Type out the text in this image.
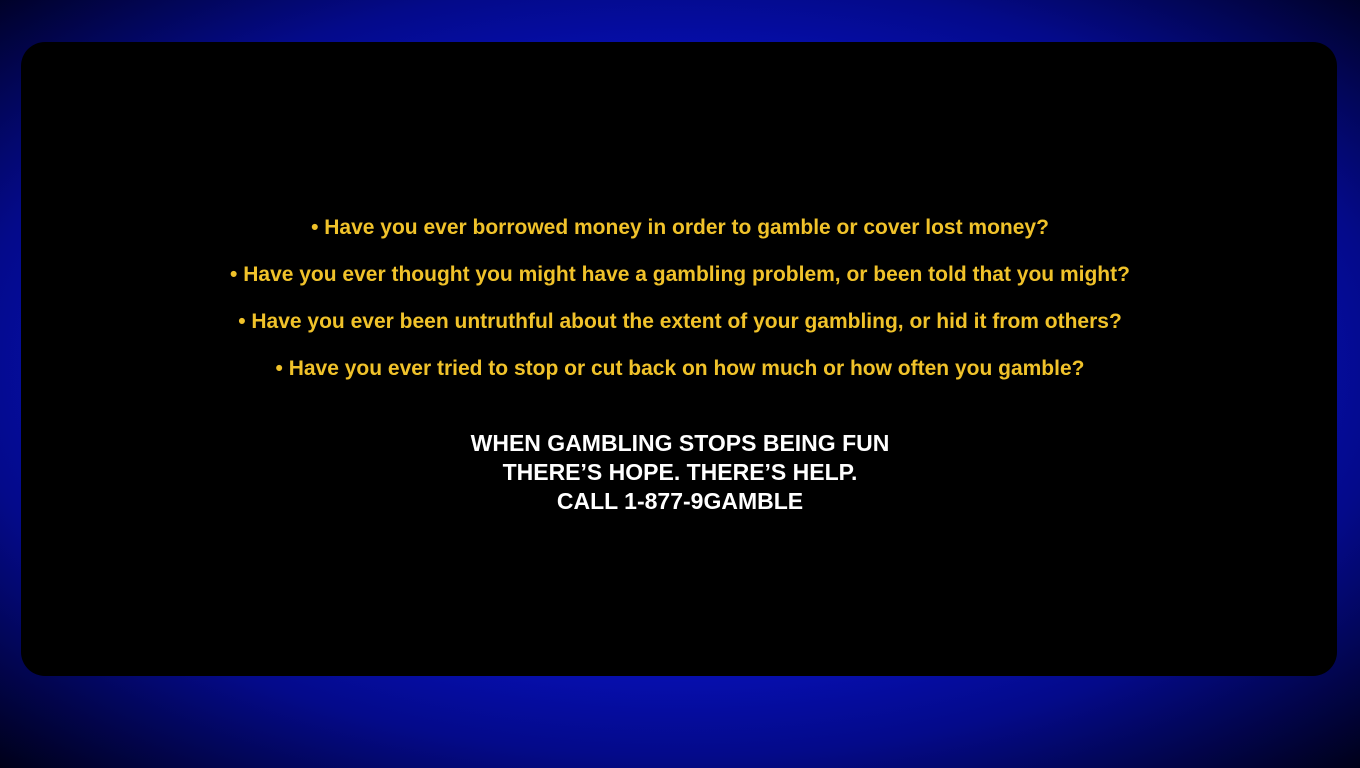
• Have you ever borrowed money in order to gamble or cover lost money?
• Have you ever thought you might have a gambling problem, or been told that you might?
• Have you ever been untruthful about the extent of your gambling, or hid it from others?
• Have you ever tried to stop or cut back on how much or how often you gamble?
WHEN GAMBLING STOPS BEING FUN
THERE’S HOPE. THERE’S HELP.
CALL 1-877-9GAMBLE
